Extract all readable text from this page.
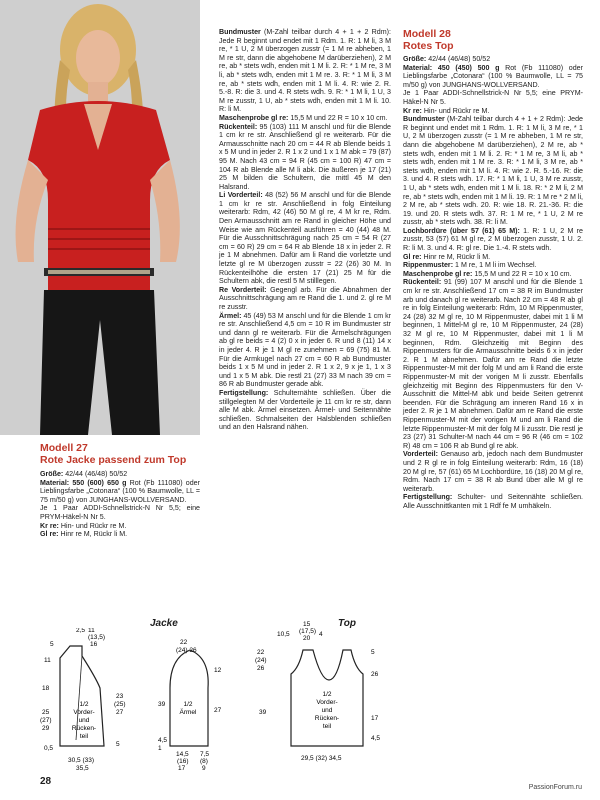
Modell 27

Rote Jacke passend zum Top

Größe: 42/44 (46/48) 50/52

Material: 550 (600) 650 g Rot (Fb 111080) oder Lieblingsfarbe „Cotonara“ (100 % Baumwolle, LL = 75 m/50 g) von JUNGHANS-WOLLVERSAND.

Je 1 Paar ADDI-Schnellstrick-N Nr 5,5; eine PRYM-Häkel-N Nr 5.

Kr re: Hin- und Rückr re M.

Gl re: Hinr re M, Rückr li M.

Bundmuster (M-Zahl teilbar durch 4 + 1 + 2 Rdm): Jede R beginnt und endet mit 1 Rdm. 1. R: 1 M li, 3 M re, * 1 U, 2 M überzogen zusstr (= 1 M re abheben, 1 M re str, dann die abgehobene M darüberziehen), 2 M re, ab * stets wdh, enden mit 1 M li. 2. R: * 1 M re, 3 M li, ab * stets wdh, enden mit 1 M re. 3. R: * 1 M li, 3 M re, ab * stets wdh, enden mit 1 M li. 4. R: wie 2. R. 5.-8. R: die 3. und 4. R stets wdh. 9. R: * 1 M li, 1 U, 3 M re zusstr, 1 U, ab * stets wdh, enden mit 1 M li. 10. R: li M.

Maschenprobe gl re: 15,5 M und 22 R = 10 x 10 cm.

Rückenteil: 95 (103) 111 M anschl und für die Blende 1 cm kr re str. Anschließend gl re weiterarb. Für die Armausschnitte nach 20 cm = 44 R ab Blende beids 1 x 5 M und in jeder 2. R 1 x 2 und 1 x 1 M abk = 79 (87) 95 M. Nach 43 cm = 94 R (45 cm = 100 R) 47 cm = 104 R ab Blende alle M li abk. Die äußeren je 17 (21) 25 M bilden die Schultern, die mittl 45 M den Halsrand.

Li Vorderteil: 48 (52) 56 M anschl und für die Blende 1 cm kr re str. Anschließend in folg Einteilung weiterarb: Rdm, 42 (46) 50 M gl re, 4 M kr re, Rdm. Den Armausschnitt am re Rand in gleicher Höhe und Weise wie am Rückenteil ausführen = 40 (44) 48 M. Für die Ausschnittschrägung nach 25 cm = 54 R (27 cm = 60 R) 29 cm = 64 R ab Blende 18 x in jeder 2. R je 1 M abnehmen. Dafür am li Rand die vorletzte und letzte gl re M überzogen zusstr = 22 (26) 30 M. In Rückenteilhöhe die ersten 17 (21) 25 M für die Schultern abk, die restl 5 M stilllegen.

Re Vorderteil: Gegengl arb. Für die Abnahmen der Ausschnittschrägung am re Rand die 1. und 2. gl re M re zusstr.

Ärmel: 45 (49) 53 M anschl und für die Blende 1 cm kr re str. Anschließend 4,5 cm = 10 R im Bundmuster str und dann gl re weiterarb. Für die Ärmelschrägungen ab gl re beids = 4 (2) 0 x in jeder 6. R und 8 (11) 14 x in jeder 4. R je 1 M gl re zunehmen = 69 (75) 81 M. Für die Armkugel nach 27 cm = 60 R ab Bundmuster beids 1 x 5 M und in jeder 2. R 1 x 2, 9 x je 1, 1 x 3 und 1 x 5 M abk. Die restl 21 (27) 33 M nach 39 cm = 86 R ab Bundmuster gerade abk.

Fertigstellung: Schulternähte schließen. Über die stillgelegten M der Vorderteile je 11 cm kr re str, dann alle M abk. Ärmel einsetzen. Ärmel- und Seitennähte schließen. Schmalseiten der Halsblenden schließen und an den Halsrand nähen.

Modell 28

Rotes Top

Größe: 42/44 (46/48) 50/52

Material: 450 (450) 500 g Rot (Fb 111080) oder Lieblingsfarbe „Cotonara“ (100 % Baumwolle, LL = 75 m/50 g) von JUNGHANS-WOLLVERSAND.

Je 1 Paar ADDI-Schnellstrick-N Nr 5,5; eine PRYM-Häkel-N Nr 5.

Kr re: Hin- und Rückr re M.

Bundmuster (M-Zahl teilbar durch 4 + 1 + 2 Rdm): Jede R beginnt und endet mit 1 Rdm. 1. R: 1 M li, 3 M re, * 1 U, 2 M überzogen zusstr (= 1 M re abheben, 1 M re str, dann die abgehobene M darüberziehen), 2 M re, ab * stets wdh, enden mit 1 M li. 2. R: * 1 M re, 3 M li, ab * stets wdh, enden mit 1 M re. 3. R: * 1 M li, 3 M re, ab * stets wdh, enden mit 1 M li. 4. R: wie 2. R. 5.-16. R: die 3. und 4. R stets wdh. 17. R: * 1 M li, 1 U, 3 M re zusstr, 1 U, ab * stets wdh, enden mit 1 M li. 18. R: * 2 M li, 2 M re, ab * stets wdh, enden mit 1 M li. 19. R: 1 M re * 2 M li, 2 M re, ab * stets wdh. 20. R: wie 18. R. 21.-36. R: die 19. und 20. R stets wdh. 37. R: 1 M re, * 1 U, 2 M re zusstr, ab * stets wdh. 38. R: li M.

Lochbordüre (über 57 (61) 65 M): 1. R: 1 U, 2 M re zusstr, 53 (57) 61 M gl re, 2 M überzogen zusstr, 1 U. 2. R: li M. 3. und 4. R: gl re. Die 1.-4. R stets wdh.

Gl re: Hinr re M, Rückr li M.

Rippenmuster: 1 M re, 1 M li im Wechsel.

Maschenprobe gl re: 15,5 M und 22 R = 10 x 10 cm.

Rückenteil: 91 (99) 107 M anschl und für die Blende 1 cm kr re str. Anschließend 17 cm = 38 R im Bundmuster arb und danach gl re weiterarb. Nach 22 cm = 48 R ab gl re in folg Einteilung weiterarb: Rdm, 10 M Rippenmuster, 24 (28) 32 M gl re, 10 M Rippenmuster, dabei mit 1 li M beginnen, 1 Mittel-M gl re, 10 M Rippenmuster, 24 (28) 32 M gl re, 10 M Rippenmuster, dabei mit 1 li M beginnen, Rdm. Gleichzeitig mit Beginn des Rippenmusters für die Armausschnitte beids 6 x in jeder 2. R 1 M abnehmen. Dafür am re Rand die letzte Rippenmuster-M mit der folg M und am li Rand die erste Rippenmuster-M mit der vorigen M li zusstr. Ebenfalls gleichzeitig mit Beginn des Rippenmusters für den V-Ausschnitt die Mittel-M abk und beide Seiten getrennt beenden. Für die Schrägung am inneren Rand 16 x in jeder 2. R je 1 M abnehmen. Dafür am re Rand die erste Rippenmuster-M mit der vorigen M und am li Rand die letzte Rippenmuster-M mit der folg M li zusstr. Die restl je 23 (27) 31 Schulter-M nach 44 cm = 96 R (46 cm = 102 R) 48 cm = 106 R ab Bund gl re abk.

Vorderteil: Genauso arb, jedoch nach dem Bundmuster und 2 R gl re in folg Einteilung weiterarb: Rdm, 16 (18) 20 M gl re, 57 (61) 65 M Lochbordüre, 16 (18) 20 M gl re, Rdm. Nach 17 cm = 38 R ab Bund über alle M gl re weiterarb.

Fertigstellung: Schulter- und Seitennähte schließen. Alle Ausschnittkanten mit 1 Rdf fe M umhäkeln.

Jacke
1/2
Vorder-
und
Rücken-
teil
1/2
Ärmel
2,5 11
(13,5)
16
5
11
18
25
(27)
29
0,5
23
(25)
27
5
30,5 (33)
35,5
22
(24) 26
12
27
39
4,5
1
14,5
(16)
17
7,5
(8)
9
Top
1/2
Vorder-
und
Rücken-
teil
15
(17,5)
20
10,5	4
22
(24)
26
5
26
39
29,5 (32) 34,5
4,5
17
28
PassionForum.ru
